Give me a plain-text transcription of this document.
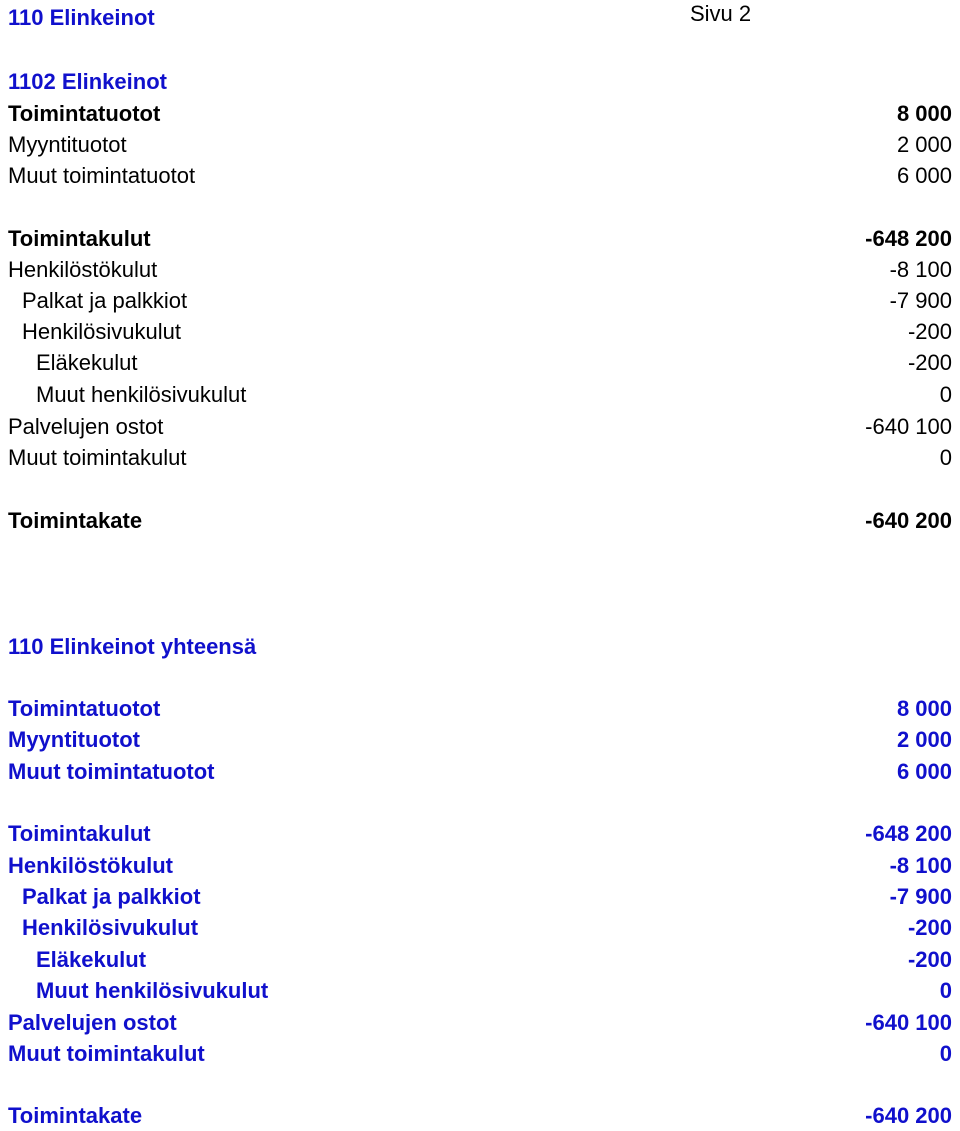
110 Elinkeinot	Sivu 2
1102 Elinkeinot
Toimintatuotot	8 000
Myyntituotot	2 000
Muut toimintatuotot	6 000
Toimintakulut	-648 200
Henkilöstökulut	-8 100
Palkat ja palkkiot	-7 900
Henkilösivukulut	-200
Eläkekulut	-200
Muut henkilösivukulut	0
Palvelujen ostot	-640 100
Muut toimintakulut	0
Toimintakate	-640 200
110 Elinkeinot yhteensä
Toimintatuotot	8 000
Myyntituotot	2 000
Muut toimintatuotot	6 000
Toimintakulut	-648 200
Henkilöstökulut	-8 100
Palkat ja palkkiot	-7 900
Henkilösivukulut	-200
Eläkekulut	-200
Muut henkilösivukulut	0
Palvelujen ostot	-640 100
Muut toimintakulut	0
Toimintakate	-640 200
